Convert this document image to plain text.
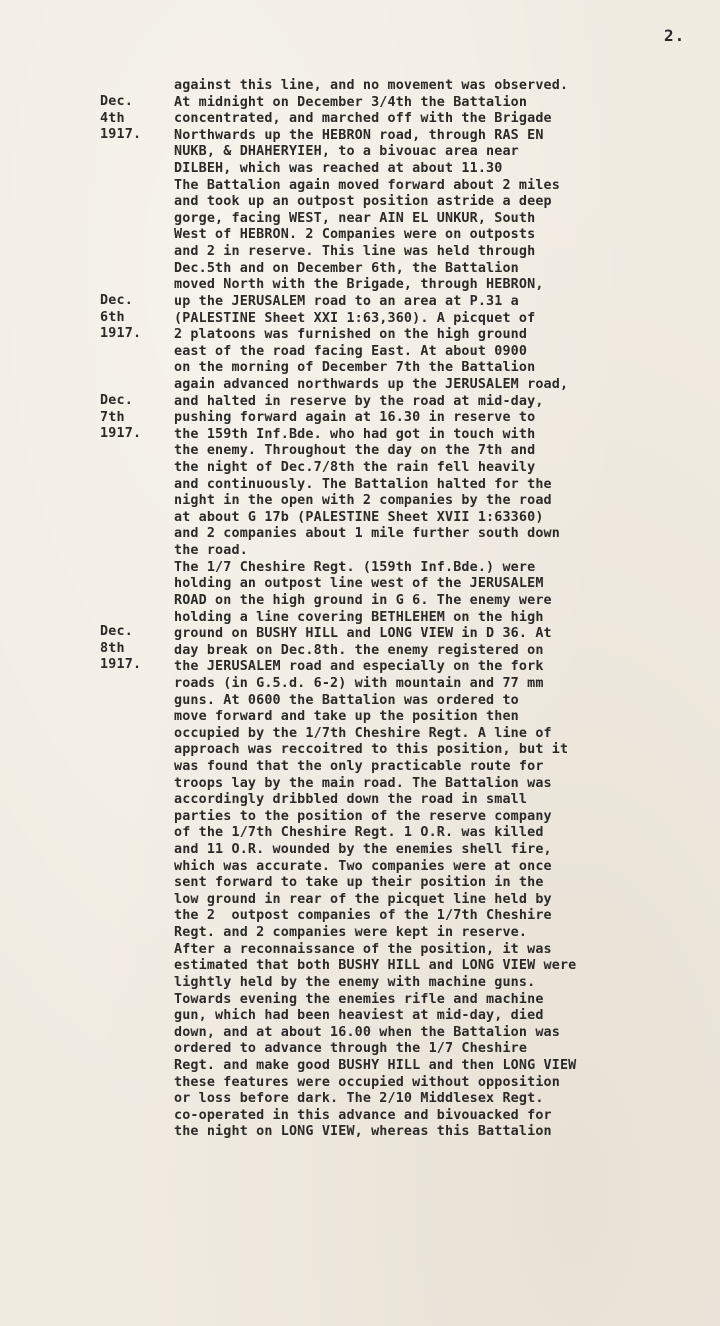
2.
Dec.
4th
1917.
Dec.
6th
1917.
Dec.
7th
1917.
Dec.
8th
1917.
against this line, and no movement was observed.
At midnight on December 3/4th the Battalion
concentrated, and marched off with the Brigade
Northwards up the HEBRON road, through RAS EN
NUKB, & DHAHERYIEH, to a bivouac area near
DILBEH, which was reached at about 11.30
The Battalion again moved forward about 2 miles
and took up an outpost position astride a deep
gorge, facing WEST, near AIN EL UNKUR, South
West of HEBRON. 2 Companies were on outposts
and 2 in reserve. This line was held through
Dec.5th and on December 6th, the Battalion
moved North with the Brigade, through HEBRON,
up the JERUSALEM road to an area at P.31 a
(PALESTINE Sheet XXI 1:63,360). A picquet of
2 platoons was furnished on the high ground
east of the road facing East. At about 0900
on the morning of December 7th the Battalion
again advanced northwards up the JERUSALEM road,
and halted in reserve by the road at mid-day,
pushing forward again at 16.30 in reserve to
the 159th Inf.Bde. who had got in touch with
the enemy. Throughout the day on the 7th and
the night of Dec.7/8th the rain fell heavily
and continuously. The Battalion halted for the
night in the open with 2 companies by the road
at about G 17b (PALESTINE Sheet XVII 1:63360)
and 2 companies about 1 mile further south down
the road.
The 1/7 Cheshire Regt. (159th Inf.Bde.) were
holding an outpost line west of the JERUSALEM
ROAD on the high ground in G 6. The enemy were
holding a line covering BETHLEHEM on the high
ground on BUSHY HILL and LONG VIEW in D 36. At
day break on Dec.8th. the enemy registered on
the JERUSALEM road and especially on the fork
roads (in G.5.d. 6-2) with mountain and 77 mm
guns. At 0600 the Battalion was ordered to
move forward and take up the position then
occupied by the 1/7th Cheshire Regt. A line of
approach was reccoitred to this position, but it
was found that the only practicable route for
troops lay by the main road. The Battalion was
accordingly dribbled down the road in small
parties to the position of the reserve company
of the 1/7th Cheshire Regt. 1 O.R. was killed
and 11 O.R. wounded by the enemies shell fire,
which was accurate. Two companies were at once
sent forward to take up their position in the
low ground in rear of the picquet line held by
the 2  outpost companies of the 1/7th Cheshire
Regt. and 2 companies were kept in reserve.
After a reconnaissance of the position, it was
estimated that both BUSHY HILL and LONG VIEW were
lightly held by the enemy with machine guns.
Towards evening the enemies rifle and machine
gun, which had been heaviest at mid-day, died
down, and at about 16.00 when the Battalion was
ordered to advance through the 1/7 Cheshire
Regt. and make good BUSHY HILL and then LONG VIEW
these features were occupied without opposition
or loss before dark. The 2/10 Middlesex Regt.
co-operated in this advance and bivouacked for
the night on LONG VIEW, whereas this Battalion
